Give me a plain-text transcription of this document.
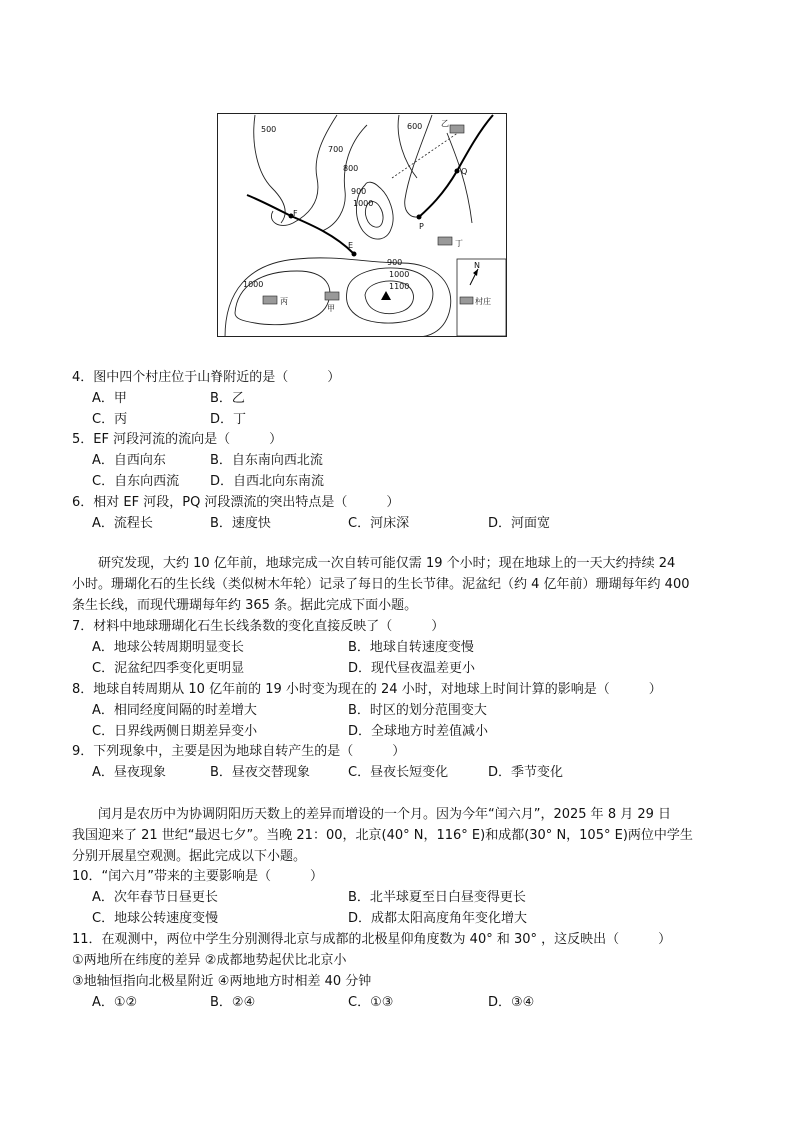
500
700
800
600
900
1000
900
1000
1100
1000
F
E
P
Q
乙
丁
丙
甲
N
村庄
4．图中四个村庄位于山脊附近的是（　　　）
A．甲	B．乙
C．丙	D．丁
5．EF 河段河流的流向是（　　　）
A．自西向东	B．自东南向西北流
C．自东向西流 D．自西北向东南流
6．相对 EF 河段，PQ 河段漂流的突出特点是（　　　）
A．流程长	B．速度快	C．河床深	D．河面宽
　　研究发现，大约 10 亿年前，地球完成一次自转可能仅需 19 个小时；现在地球上的一天大约持续 24
小时。珊瑚化石的生长线（类似树木年轮）记录了每日的生长节律。泥盆纪（约 4 亿年前）珊瑚每年约 400
条生长线，而现代珊瑚每年约 365 条。据此完成下面小题。
7．材料中地球珊瑚化石生长线条数的变化直接反映了（　　　）
A．地球公转周期明显变长	B．地球自转速度变慢
C．泥盆纪四季变化更明显	D．现代昼夜温差更小
8．地球自转周期从 10 亿年前的 19 小时变为现在的 24 小时，对地球上时间计算的影响是（　　　）
A．相同经度间隔的时差增大	B．时区的划分范围变大
C．日界线两侧日期差异变小	D．全球地方时差值减小
9．下列现象中，主要是因为地球自转产生的是（　　　）
A．昼夜现象	B．昼夜交替现象	C．昼夜长短变化	D．季节变化
　　闰月是农历中为协调阴阳历天数上的差异而增设的一个月。因为今年“闰六月”，2025 年 8 月 29 日
我国迎来了 21 世纪“最迟七夕”。当晚 21：00，北京(40° N，116° E)和成都(30° N，105° E)两位中学生
分别开展星空观测。据此完成以下小题。
10．“闰六月”带来的主要影响是（　　　）
A．次年春节日昼更长	B．北半球夏至日白昼变得更长
C．地球公转速度变慢	D．成都太阳高度角年变化增大
11．在观测中，两位中学生分别测得北京与成都的北极星仰角度数为 40° 和 30° ，这反映出（　　　）
①两地所在纬度的差异 ②成都地势起伏比北京小
③地轴恒指向北极星附近 ④两地地方时相差 40 分钟
A．①②	B．②④	C．①③	D．③④
